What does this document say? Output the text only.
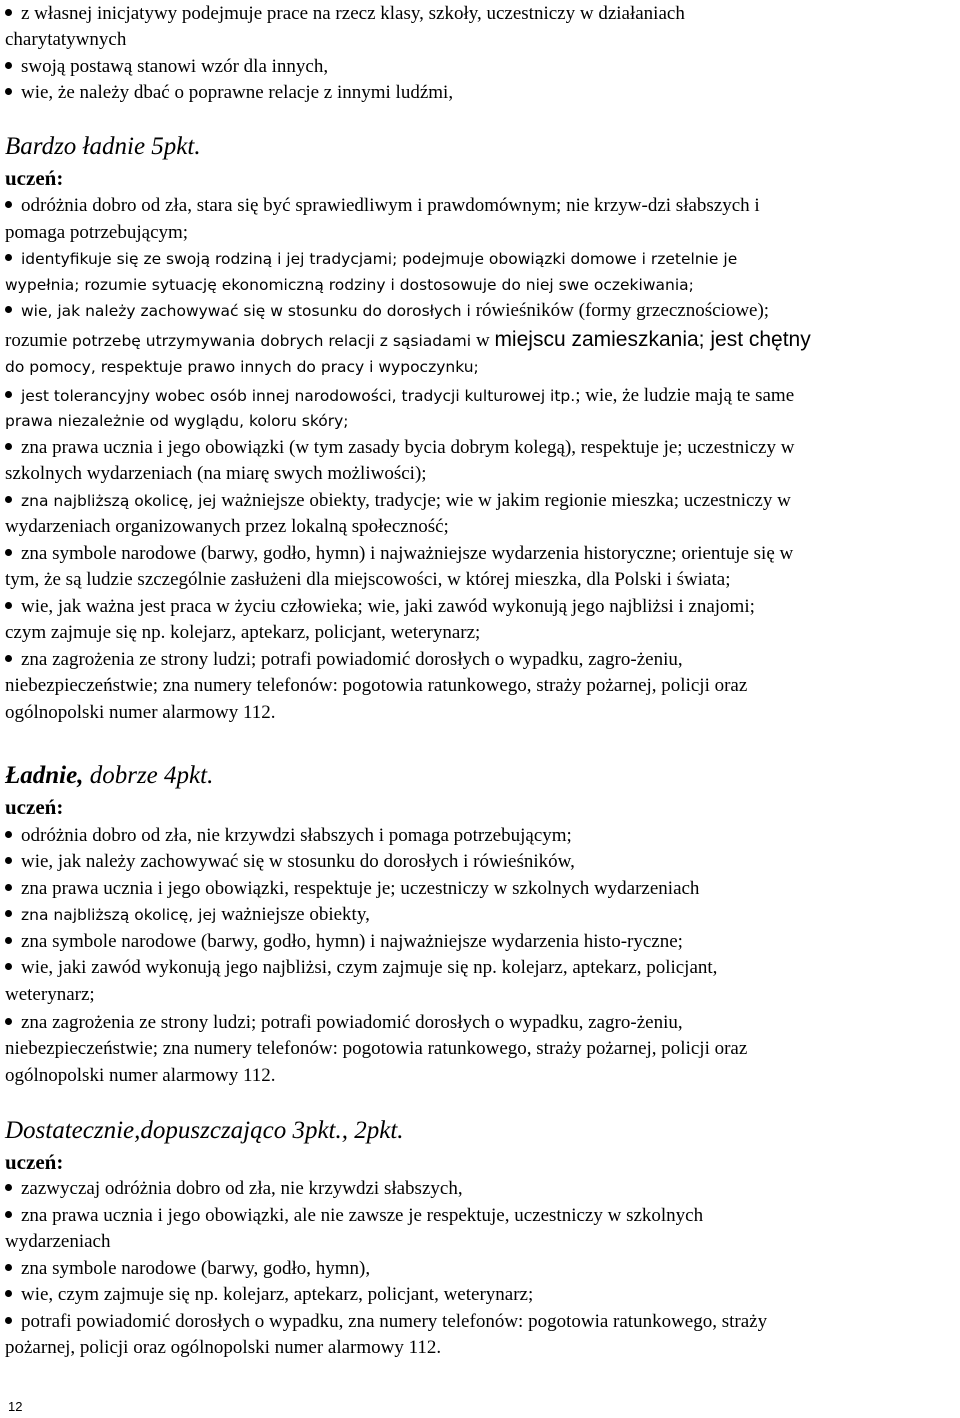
z własnej inicjatywy podejmuje prace na rzecz klasy, szkoły, uczestniczy w działaniach
charytatywnych
swoją postawą stanowi wzór dla innych,
wie, że należy dbać o poprawne relacje z innymi ludźmi,
Bardzo ładnie 5pkt.
uczeń:
odróżnia dobro od zła, stara się być sprawiedliwym i prawdomównym; nie krzyw-dzi słabszych i
pomaga potrzebującym;
identyfikuje się ze swoją rodziną i jej tradycjami; podejmuje obowiązki domowe i rzetelnie je
wypełnia; rozumie sytuację ekonomiczną rodziny i dostosowuje do niej swe oczekiwania;
wie, jak należy zachowywać się w stosunku do dorosłych i rówieśników (formy grzecznościowe);
rozumie potrzebę utrzymywania dobrych relacji z sąsiadami w miejscu zamieszkania; jest chętny
do pomocy, respektuje prawo innych do pracy i wypoczynku;
jest tolerancyjny wobec osób innej narodowości, tradycji kulturowej itp.; wie, że ludzie mają te same
prawa niezależnie od wyglądu, koloru skóry;
zna prawa ucznia i jego obowiązki (w tym zasady bycia dobrym kolegą), respektuje je; uczestniczy w
szkolnych wydarzeniach (na miarę swych możliwości);
zna najbliższą okolicę, jej ważniejsze obiekty, tradycje; wie w jakim regionie mieszka; uczestniczy w
wydarzeniach organizowanych przez lokalną społeczność;
zna symbole narodowe (barwy, godło, hymn) i najważniejsze wydarzenia historyczne; orientuje się w
tym, że są ludzie szczególnie zasłużeni dla miejscowości, w której mieszka, dla Polski i świata;
wie, jak ważna jest praca w życiu człowieka; wie, jaki zawód wykonują jego najbliżsi i znajomi;
czym zajmuje się np. kolejarz, aptekarz, policjant, weterynarz;
zna zagrożenia ze strony ludzi; potrafi powiadomić dorosłych o wypadku, zagro-żeniu,
niebezpieczeństwie; zna numery telefonów: pogotowia ratunkowego, straży pożarnej, policji oraz
ogólnopolski numer alarmowy 112.
Ładnie, dobrze 4pkt.
uczeń:
odróżnia dobro od zła, nie krzywdzi słabszych i pomaga potrzebującym;
wie, jak należy zachowywać się w stosunku do dorosłych i rówieśników,
zna prawa ucznia i jego obowiązki, respektuje je; uczestniczy w szkolnych wydarzeniach
zna najbliższą okolicę, jej ważniejsze obiekty,
zna symbole narodowe (barwy, godło, hymn) i najważniejsze wydarzenia histo-ryczne;
wie, jaki zawód wykonują jego najbliżsi, czym zajmuje się np. kolejarz, aptekarz, policjant,
weterynarz;
zna zagrożenia ze strony ludzi; potrafi powiadomić dorosłych o wypadku, zagro-żeniu,
niebezpieczeństwie; zna numery telefonów: pogotowia ratunkowego, straży pożarnej, policji oraz
ogólnopolski numer alarmowy 112.
Dostatecznie,dopuszczająco 3pkt., 2pkt.
uczeń:
zazwyczaj odróżnia dobro od zła, nie krzywdzi słabszych,
zna prawa ucznia i jego obowiązki, ale nie zawsze je respektuje, uczestniczy w szkolnych
wydarzeniach
zna symbole narodowe (barwy, godło, hymn),
wie, czym zajmuje się np. kolejarz, aptekarz, policjant, weterynarz;
potrafi powiadomić dorosłych o wypadku, zna numery telefonów: pogotowia ratunkowego, straży
pożarnej, policji oraz ogólnopolski numer alarmowy 112.
12
